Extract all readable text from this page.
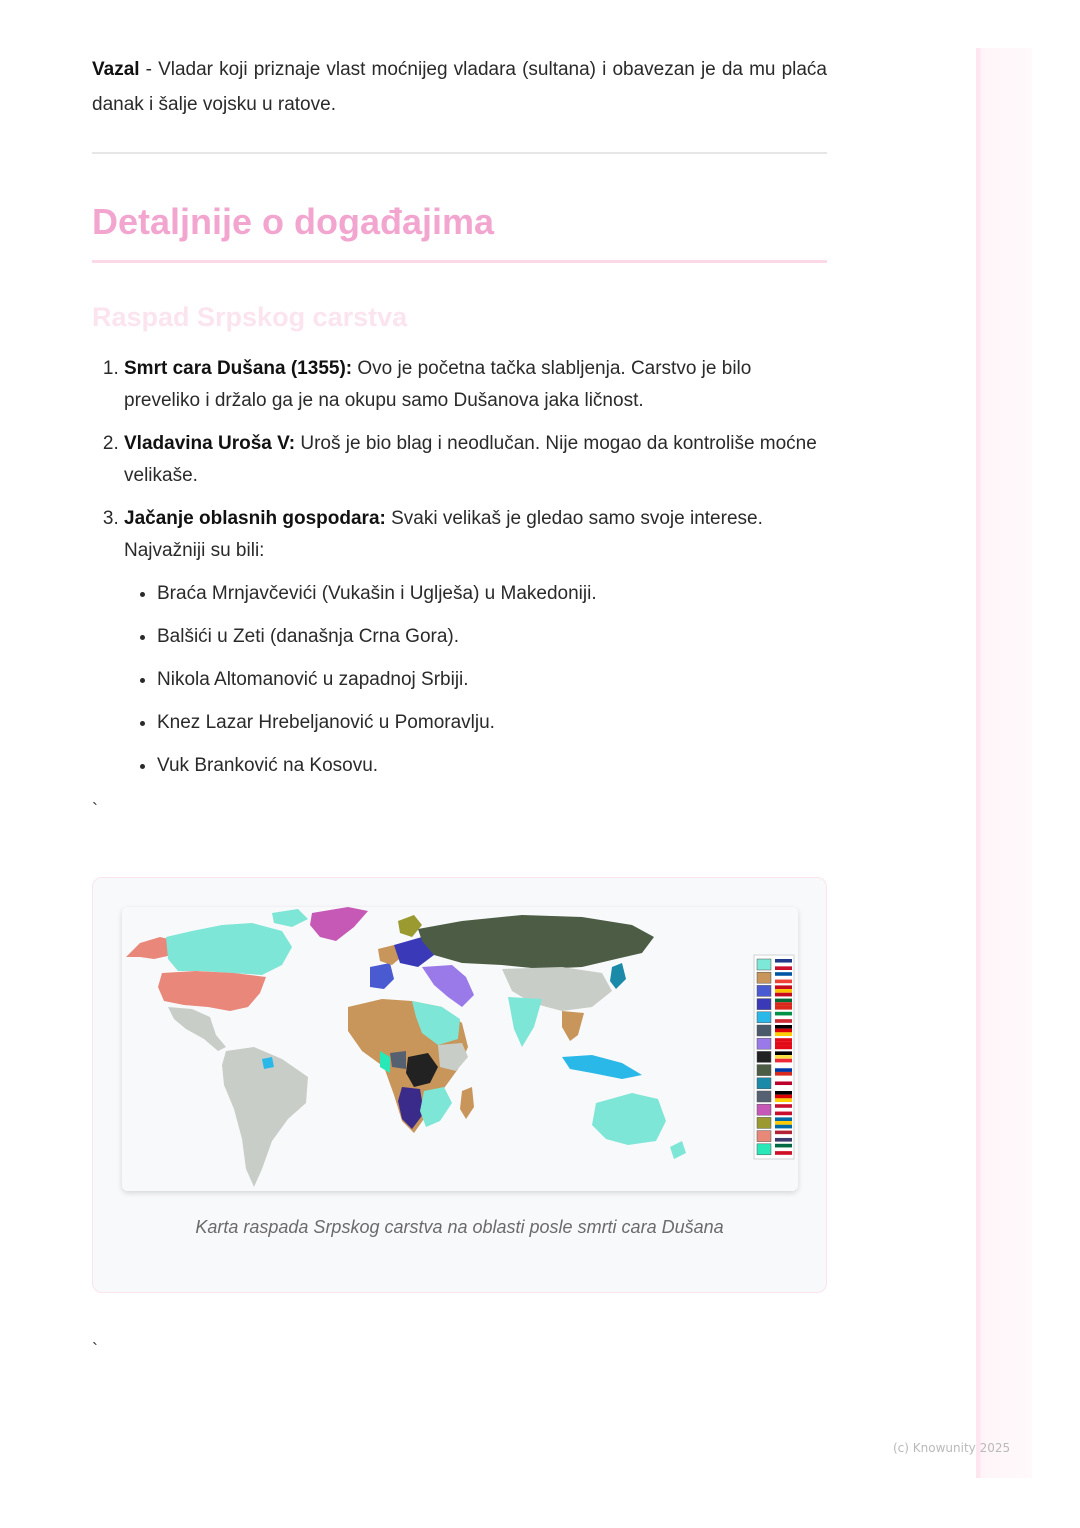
Vazal - Vladar koji priznaje vlast moćnijeg vladara (sultana) i obavezan je da mu plaća danak i šalje vojsku u ratove.

Detaljnije o događajima
Raspad Srpskog carstva
1. Smrt cara Dušana (1355): Ovo je početna tačka slabljenja. Carstvo je bilo preveliko i držalo ga je na okupu samo Dušanova jaka ličnost.
2. Vladavina Uroša V: Uroš je bio blag i neodlučan. Nije mogao da kontroliše moćne velikaše.
3. Jačanje oblasnih gospodara: Svaki velikaš je gledao samo svoje interese. Najvažniji su bili:
• Braća Mrnjavčevići (Vukašin i Uglješa) u Makedoniji.
• Balšići u Zeti (današnja Crna Gora).
• Nikola Altomanović u zapadnoj Srbiji.
• Knez Lazar Hrebeljanović u Pomoravlju.
• Vuk Branković na Kosovu.
`
Karta raspada Srpskog carstva na oblasti posle smrti cara Dušana
`
(c) Knowunity 2025
